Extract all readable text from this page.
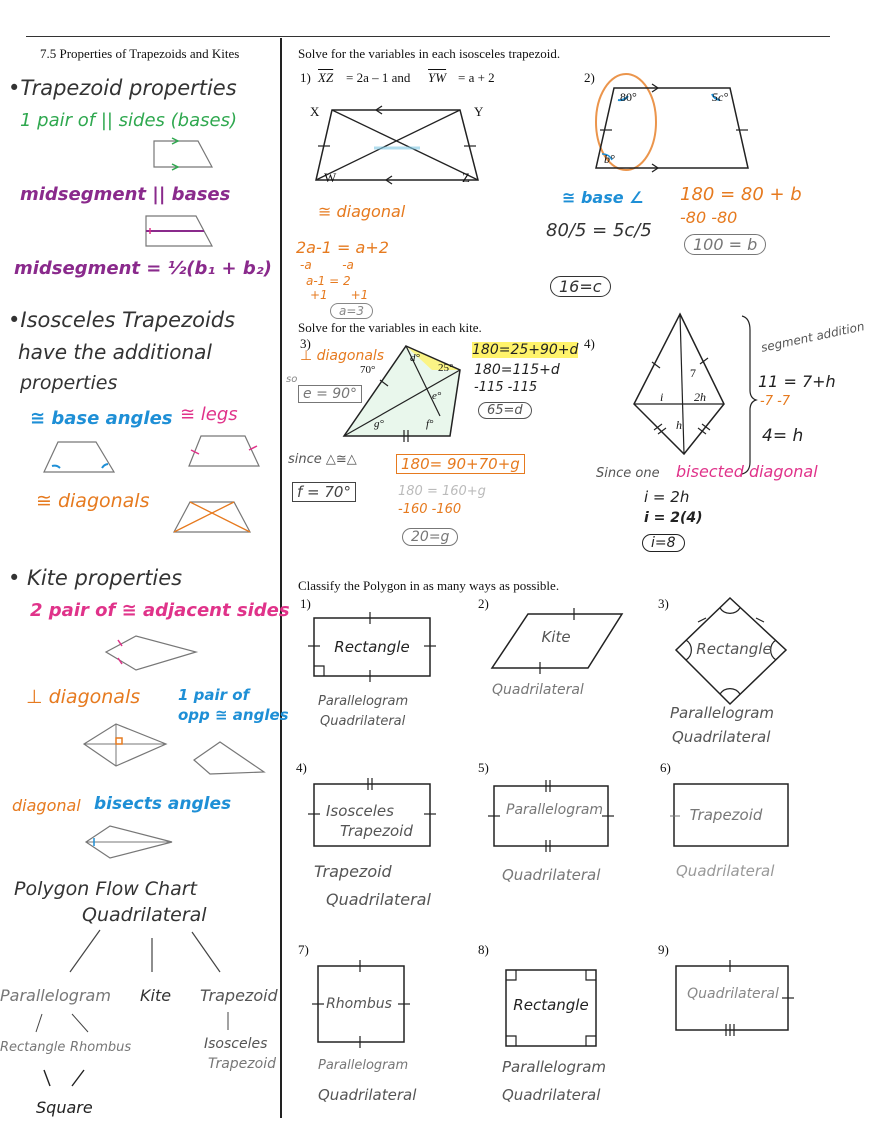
7.5 Properties of Trapezoids and Kites
•Trapezoid properties
1 pair of || sides (bases)
midsegment || bases
midsegment = ½(b₁ + b₂)
•Isosceles Trapezoids
have the additional
properties
≅ base angles ≅ legs
≅ diagonals
• Kite properties
2 pair of ≅ adjacent sides
⊥ diagonals	1 pair of
opp ≅ angles
diagonal bisects angles
Polygon Flow Chart
Quadrilateral
Parallelogram Kite Trapezoid
Rectangle Rhombus	Isosceles
Trapezoid
Square
Solve for the variables in each isosceles trapezoid.
1) $\overline{XZ} = 2a - 1$ and $\overline{YW} = a + 2$
X	Y
W	Z
≅ diagonal
2a-1 = a+2
-a        -a
a-1 = 2
+1      +1
a=3
2)
80°	5c°
b°
≅ base ∠
80/5 = 5c/5
16=c
180 = 80 + b
-80 -80
100 = b
Solve for the variables in each kite.
3)
⊥ diagonals
so
e = 90°
70°	25°
d°
e°
g°	f°
180=25+90+d
180=115+d
-115 -115
65=d
since △≅△
f = 70°
180= 90+70+g
180 = 160+g
-160 -160
20=g
4)
7
2h
i
h
segment addition
11 = 7+h
-7 -7
4= h
Since one bisected diagonal
i = 2h
i = 2(4)
i=8
Classify the Polygon in as many ways as possible.
1)
Rectangle
Parallelogram
Quadrilateral
2)
Kite
Quadrilateral
3)
Rectangle
Parallelogram
Quadrilateral
4)
Isosceles
Trapezoid
Trapezoid
Quadrilateral
5)
Parallelogram
Quadrilateral
6)
Trapezoid
Quadrilateral
7)
Rhombus
Parallelogram
Quadrilateral
8)
Rectangle
Parallelogram
Quadrilateral
9)
Quadrilateral
